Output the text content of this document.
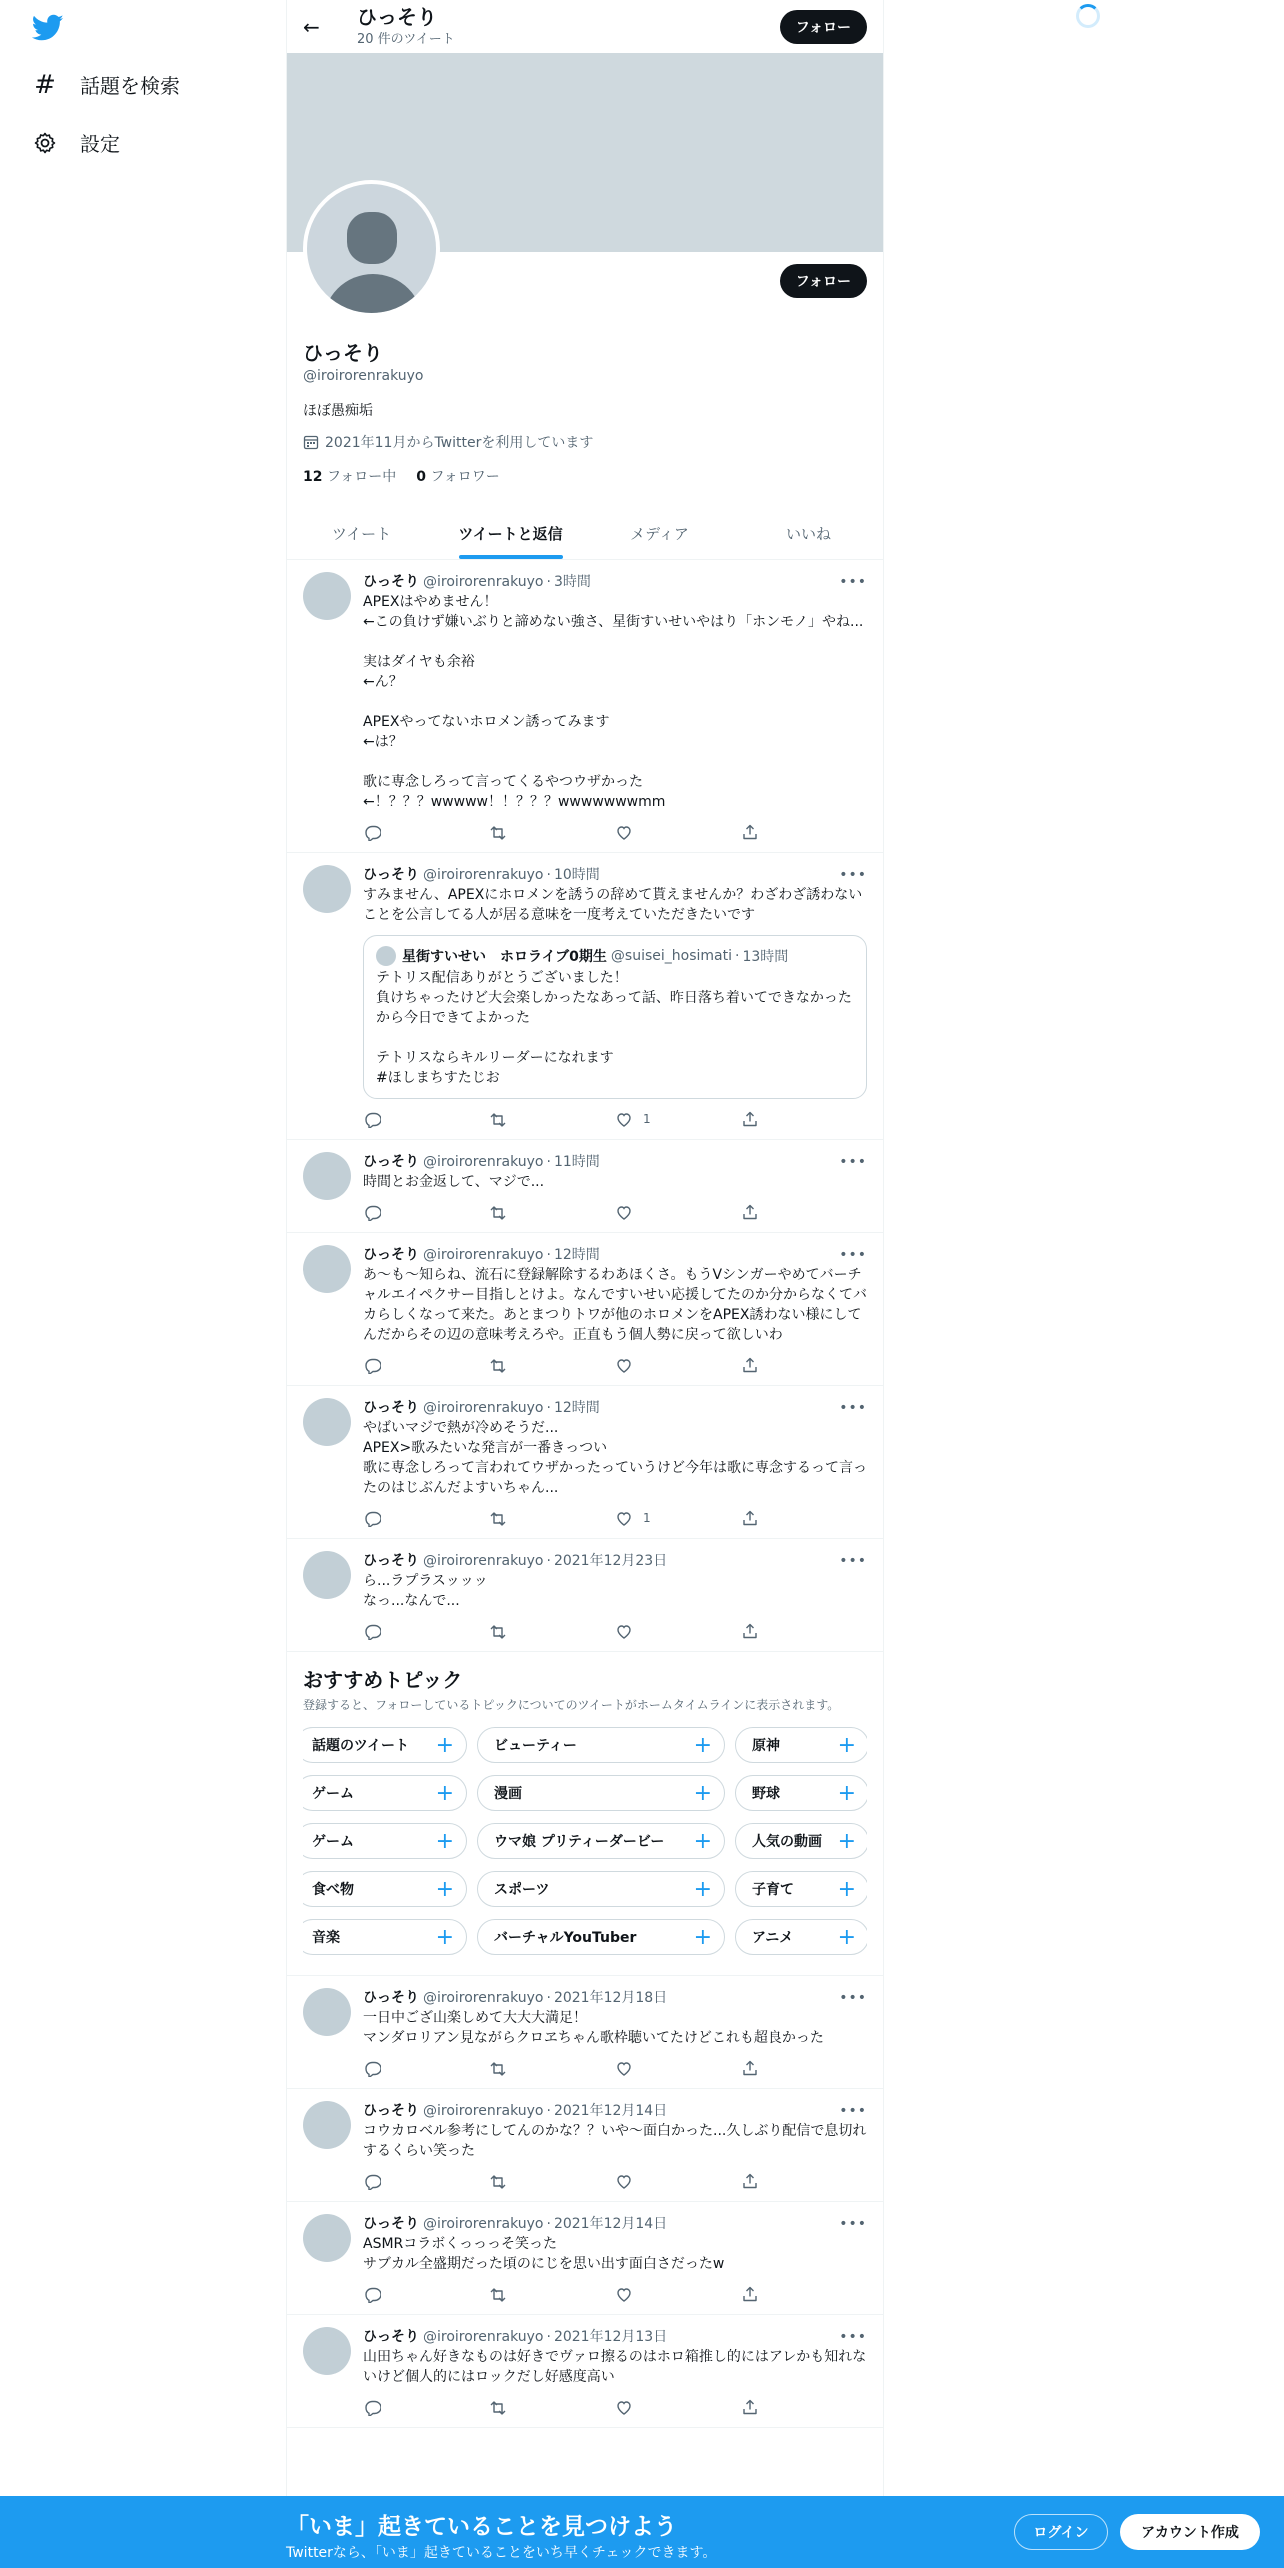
# 話題を検索
設定
←	ひっそり
20 件のツイート
フォロー
フォロー
ひっそり
@iroirorenrakuyo
ほぼ愚痴垢
2021年11月からTwitterを利用しています
12 フォロー中 0 フォロワー
ツイート	ツイートと返信	メディア	いいね
ひっそり @iroirorenrakuyo · 3時間	•••
APEXはやめません！
←この負けず嫌いぶりと諦めない強さ、星街すいせいやはり「ホンモノ」やね...

実はダイヤも余裕
←ん？

APEXやってないホロメン誘ってみます
←は？

歌に専念しろって言ってくるやつウザかった
←！？？？wwwww！！？？？wwwwwwwmm
ひっそり @iroirorenrakuyo · 10時間	•••
すみません、APEXにホロメンを誘うの辞めて貰えませんか？わざわざ誘わないことを公言してる人が居る意味を一度考えていただきたいです
星街すいせい　ホロライブ0期生 @suisei_hosimati · 13時間
テトリス配信ありがとうございました！
負けちゃったけど大会楽しかったなあって話、昨日落ち着いてできなかったから今日できてよかった

テトリスならキルリーダーになれます
#ほしまちすたじお
1
ひっそり @iroirorenrakuyo · 11時間	•••
時間とお金返して、マジで...
ひっそり @iroirorenrakuyo · 12時間	•••
あ〜も〜知らね、流石に登録解除するわあほくさ。もうVシンガーやめてバーチャルエイペクサー目指しとけよ。なんですいせい応援してたのか分からなくてバカらしくなって来た。あとまつりトワが他のホロメンをAPEX誘わない様にしてんだからその辺の意味考えろや。正直もう個人勢に戻って欲しいわ
ひっそり @iroirorenrakuyo · 12時間	•••
やばいマジで熱が冷めそうだ...
APEX>歌みたいな発言が一番きっつい
歌に専念しろって言われてウザかったっていうけど今年は歌に専念するって言ったのはじぶんだよすいちゃん...
1
ひっそり @iroirorenrakuyo · 2021年12月23日	•••
ら...ラプラスッッッ
なっ...なんで...
おすすめトピック
登録すると、フォローしているトピックについてのツイートがホームタイムラインに表示されます。
話題のツイート +	ビューティー	+	原神	+
ゲーム	+	漫画	+	野球	+
ゲーム	+	ウマ娘 プリティーダービー +	人気の動画 +
食べ物	+	スポーツ	+	子育て +
音楽	+	バーチャルYouTuber	+	アニメ +
ひっそり @iroirorenrakuyo · 2021年12月18日	•••
一日中ござ山楽しめて大大大満足！
マンダロリアン見ながらクロヱちゃん歌枠聴いてたけどこれも超良かった
ひっそり @iroirorenrakuyo · 2021年12月14日	•••
コウカロベル参考にしてんのかな？？いや〜面白かった...久しぶり配信で息切れするくらい笑った
ひっそり @iroirorenrakuyo · 2021年12月14日	•••
ASMRコラボくっっっそ笑った
サブカル全盛期だった頃のにじを思い出す面白さだったw
ひっそり @iroirorenrakuyo · 2021年12月13日	•••
山田ちゃん好きなものは好きでヴァロ擦るのはホロ箱推し的にはアレかも知れないけど個人的にはロックだし好感度高い
「いま」起きていることを見つけよう
Twitterなら、「いま」起きていることをいち早くチェックできます。
ログイン	アカウント作成
